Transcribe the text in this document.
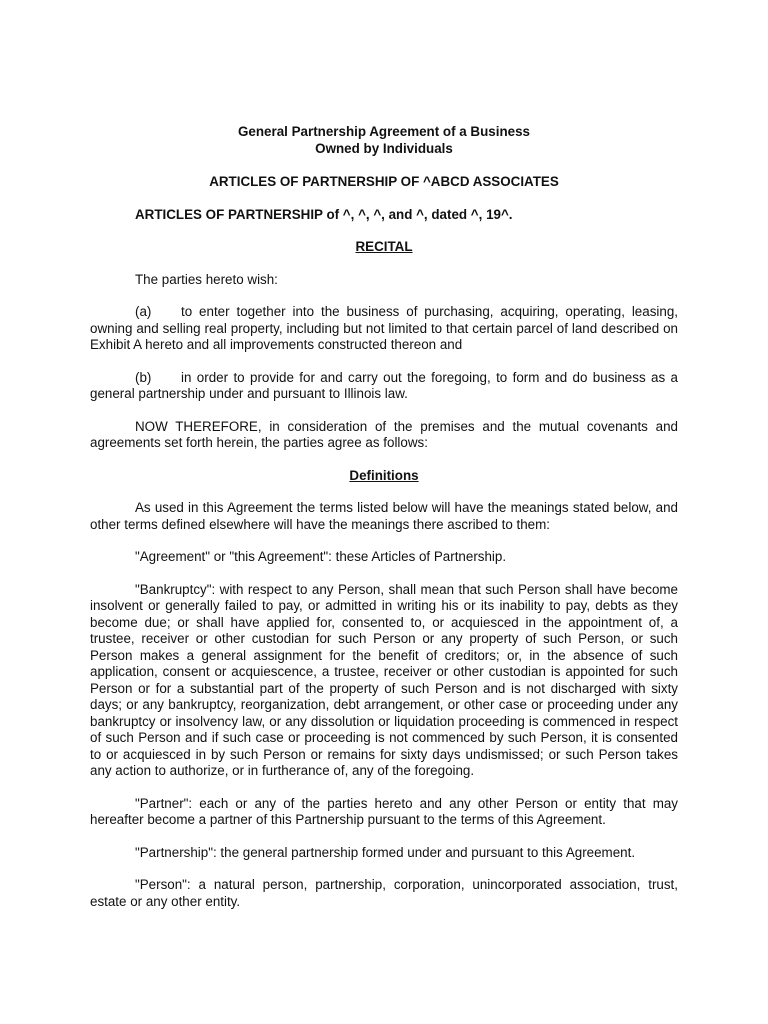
General Partnership Agreement of a Business
Owned by Individuals
ARTICLES OF PARTNERSHIP OF ^ABCD ASSOCIATES
ARTICLES OF PARTNERSHIP of ^, ^, ^, and ^, dated ^, 19^.
RECITAL

The parties hereto wish:

(a) to enter together into the business of purchasing, acquiring, operating, leasing, owning and selling real property, including but not limited to that certain parcel of land described on Exhibit A hereto and all improvements constructed thereon and

(b) in order to provide for and carry out the foregoing, to form and do business as a general partnership under and pursuant to Illinois law.

NOW THEREFORE, in consideration of the premises and the mutual covenants and agreements set forth herein, the parties agree as follows:

Definitions

As used in this Agreement the terms listed below will have the meanings stated below, and other terms defined elsewhere will have the meanings there ascribed to them:

"Agreement" or "this Agreement": these Articles of Partnership.

"Bankruptcy": with respect to any Person, shall mean that such Person shall have become insolvent or generally failed to pay, or admitted in writing his or its inability to pay, debts as they become due; or shall have applied for, consented to, or acquiesced in the appointment of, a trustee, receiver or other custodian for such Person or any property of such Person, or such Person makes a general assignment for the benefit of creditors; or, in the absence of such application, consent or acquiescence, a trustee, receiver or other custodian is appointed for such Person or for a substantial part of the property of such Person and is not discharged with sixty days; or any bankruptcy, reorganization, debt arrangement, or other case or proceeding under any bankruptcy or insolvency law, or any dissolution or liquidation proceeding is commenced in respect of such Person and if such case or proceeding is not commenced by such Person, it is consented to or acquiesced in by such Person or remains for sixty days undismissed; or such Person takes any action to authorize, or in furtherance of, any of the foregoing.

"Partner": each or any of the parties hereto and any other Person or entity that may hereafter become a partner of this Partnership pursuant to the terms of this Agreement.

"Partnership": the general partnership formed under and pursuant to this Agreement.

"Person": a natural person, partnership, corporation, unincorporated association, trust, estate or any other entity.
